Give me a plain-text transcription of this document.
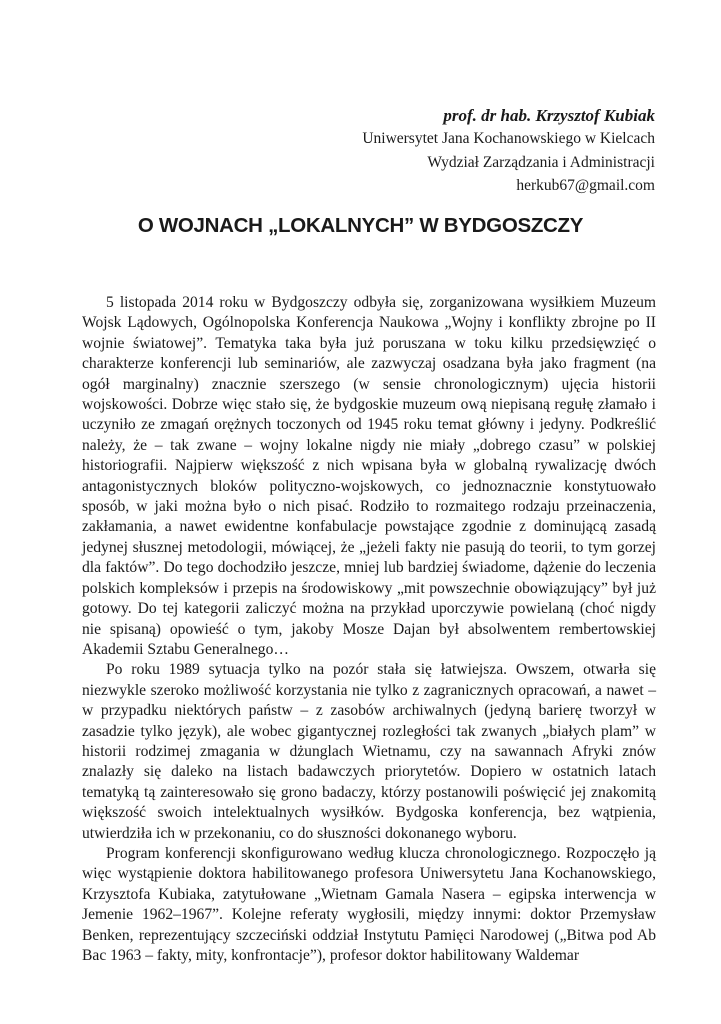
prof. dr hab. Krzysztof Kubiak
Uniwersytet Jana Kochanowskiego w Kielcach
Wydział Zarządzania i Administracji
herkub67@gmail.com
O WOJNACH „LOKALNYCH” W BYDGOSZCZY

5 listopada 2014 roku w Bydgoszczy odbyła się, zorganizowana wysiłkiem Muzeum Wojsk Lądowych, Ogólnopolska Konferencja Naukowa „Wojny i konflikty zbrojne po II wojnie światowej”. Tematyka taka była już poruszana w toku kilku przedsięwzięć o charakterze konferencji lub seminariów, ale zazwyczaj osadzana była jako fragment (na ogół marginalny) znacznie szerszego (w sensie chronologicznym) ujęcia historii wojskowości. Dobrze więc stało się, że bydgoskie muzeum ową niepisaną regułę złamało i uczyniło ze zmagań orężnych toczonych od 1945 roku temat główny i jedyny. Podkreślić należy, że – tak zwane – wojny lokalne nigdy nie miały „dobrego czasu” w polskiej historiografii. Najpierw większość z nich wpisana była w globalną rywalizację dwóch antagonistycznych bloków polityczno-wojskowych, co jednoznacznie konstytuowało sposób, w jaki można było o nich pisać. Rodziło to rozmaitego rodzaju przeinaczenia, zakłamania, a nawet ewidentne konfabulacje powstające zgodnie z dominującą zasadą jedynej słusznej metodologii, mówiącej, że „jeżeli fakty nie pasują do teorii, to tym gorzej dla faktów”. Do tego dochodziło jeszcze, mniej lub bardziej świadome, dążenie do leczenia polskich kompleksów i przepis na środowiskowy „mit powszechnie obowiązujący” był już gotowy. Do tej kategorii zaliczyć można na przykład uporczywie powielaną (choć nigdy nie spisaną) opowieść o tym, jakoby Mosze Dajan był absolwentem rembertowskiej Akademii Sztabu Generalnego…

Po roku 1989 sytuacja tylko na pozór stała się łatwiejsza. Owszem, otwarła się niezwykle szeroko możliwość korzystania nie tylko z zagranicznych opracowań, a nawet – w przypadku niektórych państw – z zasobów archiwalnych (jedyną barierę tworzył w zasadzie tylko język), ale wobec gigantycznej rozległości tak zwanych „białych plam” w historii rodzimej zmagania w dżunglach Wietnamu, czy na sawannach Afryki znów znalazły się daleko na listach badawczych priorytetów. Dopiero w ostatnich latach tematyką tą zainteresowało się grono badaczy, którzy postanowili poświęcić jej znakomitą większość swoich intelektualnych wysiłków. Bydgoska konferencja, bez wątpienia, utwierdziła ich w przekonaniu, co do słuszności dokonanego wyboru.

Program konferencji skonfigurowano według klucza chronologicznego. Rozpoczęło ją więc wystąpienie doktora habilitowanego profesora Uniwersytetu Jana Kochanowskiego, Krzysztofa Kubiaka, zatytułowane „Wietnam Gamala Nasera – egipska interwencja w Jemenie 1962–1967”. Kolejne referaty wygłosili, między innymi: doktor Przemysław Benken, reprezentujący szczeciński oddział Instytutu Pamięci Narodowej („Bitwa pod Ab Bac 1963 – fakty, mity, konfrontacje”), profesor doktor habilitowany Waldemar
